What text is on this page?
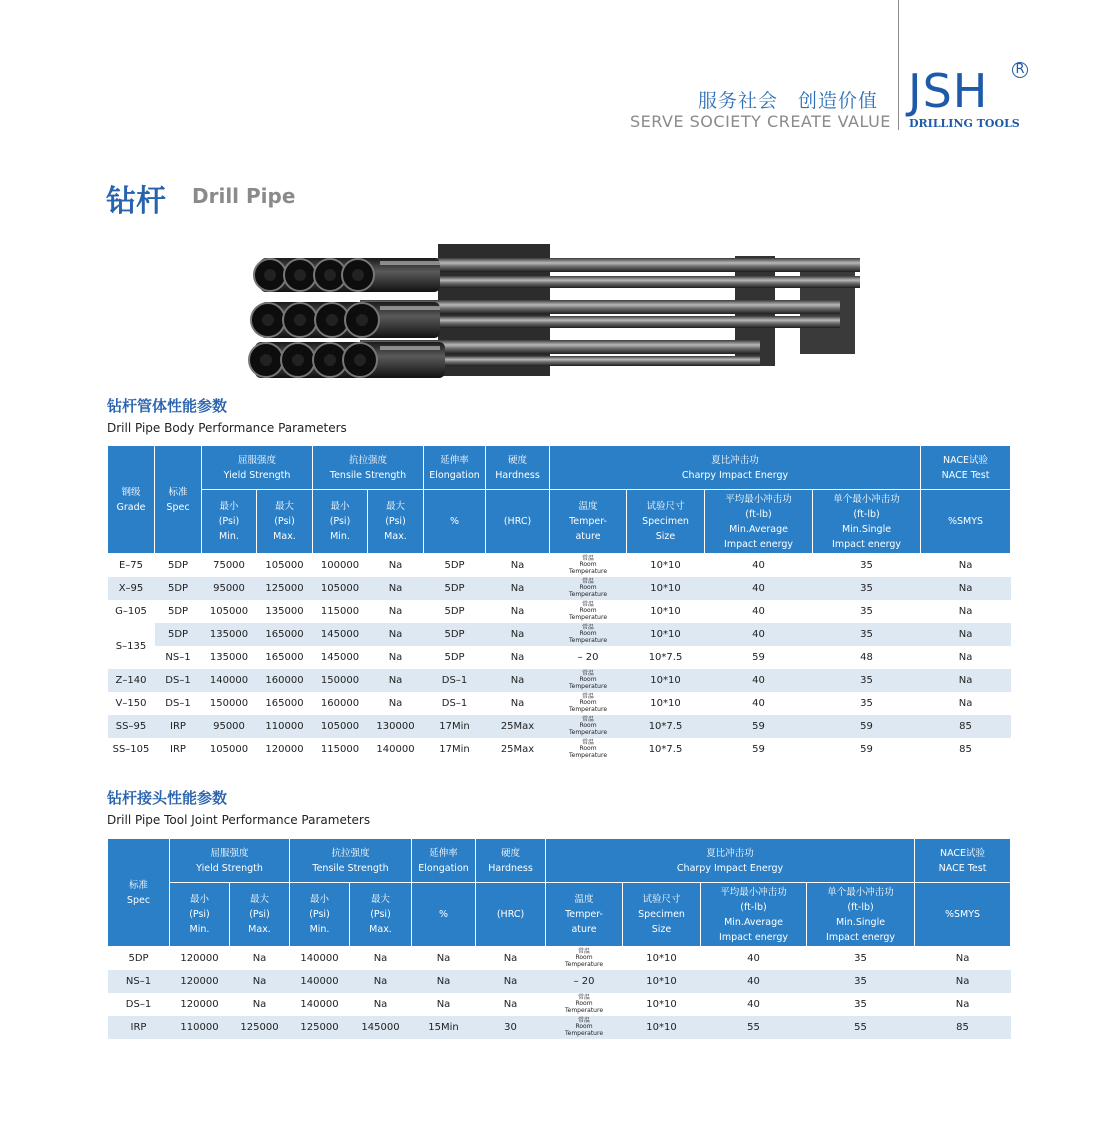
服务社会　创造价值
SERVE SOCIETY CREATE VALUE
JSH R
DRILLING TOOLS
钻杆 Drill Pipe
钻杆管体性能参数
Drill Pipe Body Performance Parameters
钢级
Grade	标准
Spec	屈服强度
Yield Strength		抗拉强度
Tensile Strength		延伸率
Elongation	硬度
Hardness	夏比冲击功
Charpy Impact Energy				NACE试验
NACE Test
		最小
(Psi)
Min.	最大
(Psi)
Max.	最小
(Psi)
Min.	最大
(Psi)
Max.	%	(HRC)	温度
Temper-
ature	试验尺寸
Specimen
Size	平均最小冲击功
(ft-lb)
Min.Average
Impact energy	单个最小冲击功
(ft-lb)
Min.Single
Impact energy	%SMYS
E–75	5DP	75000	105000	100000	Na	5DP	Na	常温
Room
Temperature	10*10	40	35	Na
X–95	5DP	95000	125000	105000	Na	5DP	Na	常温
Room
Temperature	10*10	40	35	Na
G–105	5DP	105000	135000	115000	Na	5DP	Na	常温
Room
Temperature	10*10	40	35	Na
S–135	5DP	135000	165000	145000	Na	5DP	Na	常温
Room
Temperature	10*10	40	35	Na
	NS–1	135000	165000	145000	Na	5DP	Na	– 20	10*7.5	59	48	Na
Z–140	DS–1	140000	160000	150000	Na	DS–1	Na	常温
Room
Temperature	10*10	40	35	Na
V–150	DS–1	150000	165000	160000	Na	DS–1	Na	常温
Room
Temperature	10*10	40	35	Na
SS–95	IRP	95000	110000	105000	130000	17Min	25Max	常温
Room
Temperature	10*7.5	59	59	85
SS–105	IRP	105000	120000	115000	140000	17Min	25Max	常温
Room
Temperature	10*7.5	59	59	85
钻杆接头性能参数
Drill Pipe Tool Joint Performance Parameters
标准
Spec	屈服强度
Yield Strength		抗拉强度
Tensile Strength		延伸率
Elongation	硬度
Hardness	夏比冲击功
Charpy Impact Energy				NACE试验
NACE Test
	最小
(Psi)
Min.	最大
(Psi)
Max.	最小
(Psi)
Min.	最大
(Psi)
Max.	%	(HRC)	温度
Temper-
ature	试验尺寸
Specimen
Size	平均最小冲击功
(ft-lb)
Min.Average
Impact energy	单个最小冲击功
(ft-lb)
Min.Single
Impact energy	%SMYS
5DP	120000	Na	140000	Na	Na	Na	常温
Room
Temperature	10*10	40	35	Na
NS–1	120000	Na	140000	Na	Na	Na	– 20	10*10	40	35	Na
DS–1	120000	Na	140000	Na	Na	Na	常温
Room
Temperature	10*10	40	35	Na
IRP	110000	125000	125000	145000	15Min	30	常温
Room
Temperature	10*10	55	55	85
